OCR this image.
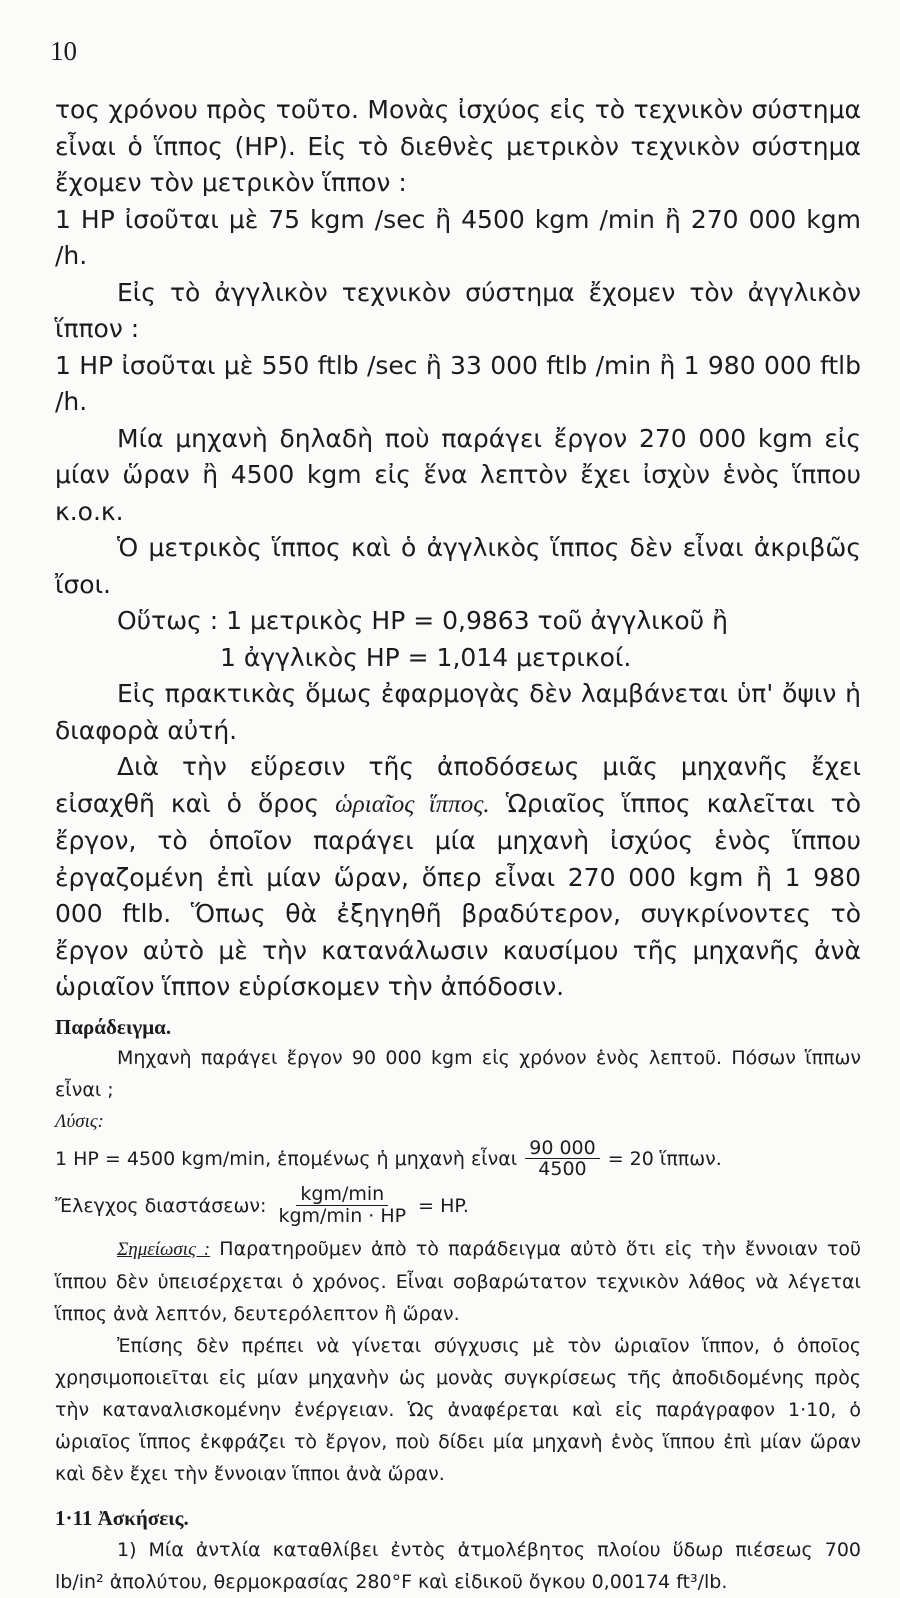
10

τος χρόνου πρὸς τοῦτο. Μονὰς ἰσχύος εἰς τὸ τεχνικὸν σύστημα εἶναι ὁ ἵππος (HP). Εἰς τὸ διεθνὲς μετρικὸν τεχνικὸν σύστημα ἔχομεν τὸν μετρικὸν ἵππον :

1 HP ἰσοῦται μὲ 75 kgm /sec ἢ 4500 kgm /min ἢ 270 000 kgm /h.

Εἰς τὸ ἀγγλικὸν τεχνικὸν σύστημα ἔχομεν τὸν ἀγγλικὸν ἵππον :

1 HP ἰσοῦται μὲ 550 ftlb /sec ἢ 33 000 ftlb /min ἢ 1 980 000 ftlb /h.

Μία μηχανὴ δηλαδὴ ποὺ παράγει ἔργον 270 000 kgm εἰς μίαν ὥραν ἢ 4500 kgm εἰς ἕνα λεπτὸν ἔχει ἰσχὺν ἑνὸς ἵππου κ.ο.κ.

Ὁ μετρικὸς ἵππος καὶ ὁ ἀγγλικὸς ἵππος δὲν εἶναι ἀκριβῶς ἴσοι.

Οὕτως : 1 μετρικὸς HP = 0,9863 τοῦ ἀγγλικοῦ ἢ

1 ἀγγλικὸς HP = 1,014 μετρικοί.

Εἰς πρακτικὰς ὅμως ἐφαρμογὰς δὲν λαμβάνεται ὑπ' ὄψιν ἡ διαφορὰ αὐτή.

Διὰ τὴν εὕρεσιν τῆς ἀποδόσεως μιᾶς μηχανῆς ἔχει εἰσαχθῆ καὶ ὁ ὅρος ὡριαῖος ἵππος. Ὡριαῖος ἵππος καλεῖται τὸ ἔργον, τὸ ὁποῖον παράγει μία μηχανὴ ἰσχύος ἑνὸς ἵππου ἐργαζομένη ἐπὶ μίαν ὥραν, ὅπερ εἶναι 270 000 kgm ἢ 1 980 000 ftlb. Ὅπως θὰ ἐξηγηθῆ βραδύτερον, συγκρίνοντες τὸ ἔργον αὐτὸ μὲ τὴν κατανάλωσιν καυσίμου τῆς μηχανῆς ἀνὰ ὡριαῖον ἵππον εὑρίσκομεν τὴν ἀπόδοσιν.

Παράδειγμα.

Μηχανὴ παράγει ἔργον 90 000 kgm εἰς χρόνον ἑνὸς λεπτοῦ. Πόσων ἵππων εἶναι ;

Λύσις:

1 HP = 4500 kgm/min, ἑπομένως ἡ μηχανὴ εἶναι $\frac{90 000}{4500} = 20$ ἵππων.
Ἔλεγχος διαστάσεων: $\frac{\text{kgm/min}}{\text{kgm/min · HP}}$ = HP.

Σημείωσις : Παρατηροῦμεν ἀπὸ τὸ παράδειγμα αὐτὸ ὅτι εἰς τὴν ἔννοιαν τοῦ ἵππου δὲν ὑπεισέρχεται ὁ χρόνος. Εἶναι σοβαρώτατον τεχνικὸν λάθος νὰ λέγεται ἵππος ἀνὰ λεπτόν, δευτερόλεπτον ἢ ὥραν.

Ἐπίσης δὲν πρέπει νὰ γίνεται σύγχυσις μὲ τὸν ὡριαῖον ἵππον, ὁ ὁποῖος χρησιμοποιεῖται εἰς μίαν μηχανὴν ὡς μονὰς συγκρίσεως τῆς ἀποδιδομένης πρὸς τὴν καταναλισκομένην ἐνέργειαν. Ὡς ἀναφέρεται καὶ εἰς παράγραφον 1·10, ὁ ὡριαῖος ἵππος ἐκφράζει τὸ ἔργον, ποὺ δίδει μία μηχανὴ ἑνὸς ἵππου ἐπὶ μίαν ὥραν καὶ δὲν ἔχει τὴν ἔννοιαν ἵπποι ἀνὰ ὥραν.

1·11 Ἀσκήσεις.

1) Μία ἀντλία καταθλίβει ἐντὸς ἀτμολέβητος πλοίου ὕδωρ πιέσεως 700 lb/in² ἀπολύτου, θερμοκρασίας 280°F καὶ εἰδικοῦ ὄγκου 0,00174 ft³/lb.
